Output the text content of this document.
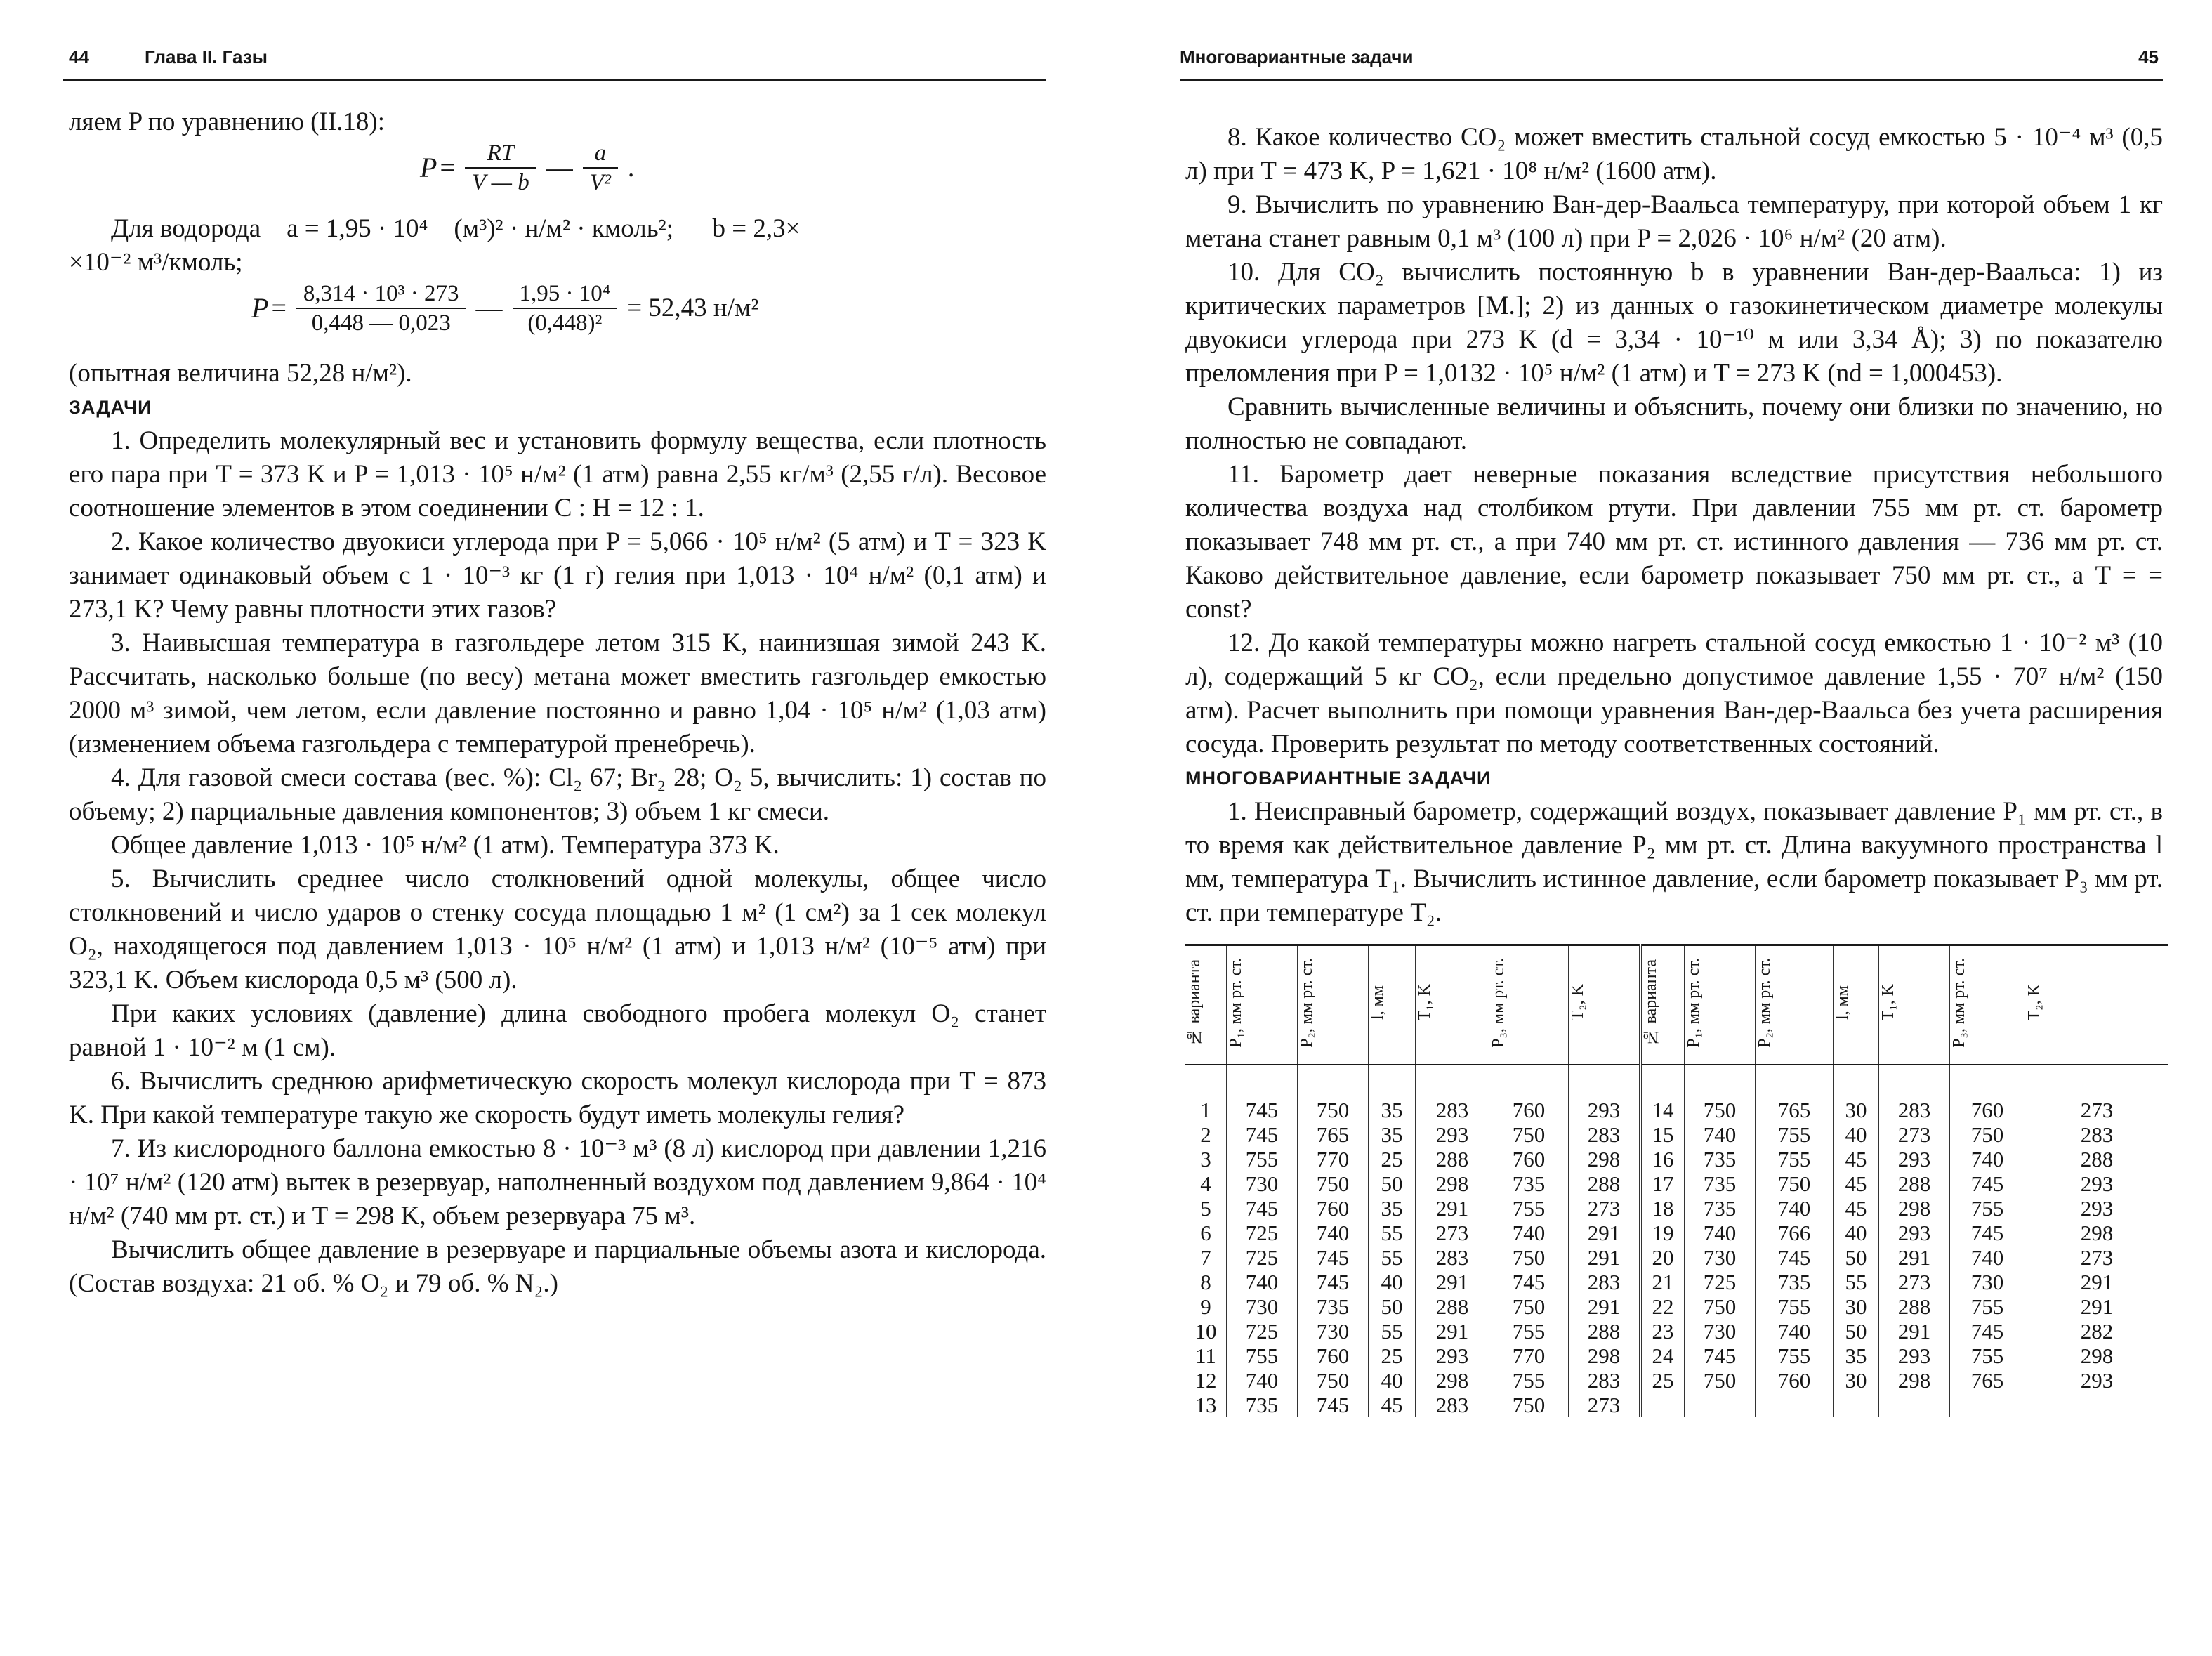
44	Глава II. Газы

ляем P по уравнению (II.18):

$P = \frac{RT}{V — b}$ — $\frac{a}{\text{V²}}$ .

Для водорода    a = 1,95 · 10⁴    (м³)² · н/м² · кмоль²;      b = 2,3×

×10⁻² м³/кмоль;

$P = \frac{\text{8,314 · 10³ · 273}}{0,448 — 0,023}$ — $\frac{\text{1,95 · 10⁴}}{\text{(0,448)²}} = 52,43$ н/м²

(опытная величина 52,28 н/м²).

ЗАДАЧИ

1. Определить молекулярный вес и установить формулу вещества, если плотность его пара при T = 373 K и P = 1,013 · 10⁵ н/м² (1 атм) равна 2,55 кг/м³ (2,55 г/л). Весовое соотношение элементов в этом соединении C : H = 12 : 1.

2. Какое количество двуокиси углерода при P = 5,066 · 10⁵ н/м² (5 атм) и T = 323 K занимает одинаковый объем с 1 · 10⁻³ кг (1 г) гелия при 1,013 · 10⁴ н/м² (0,1 атм) и 273,1 K? Чему равны плотности этих газов?

3. Наивысшая температура в газгольдере летом 315 K, наинизшая зимой 243 K. Рассчитать, насколько больше (по весу) метана может вместить газгольдер емкостью 2000 м³ зимой, чем летом, если давление постоянно и равно 1,04 · 10⁵ н/м² (1,03 атм) (изменением объема газгольдера с температурой пренебречь).

4. Для газовой смеси состава (вес. %): Cl₂ 67; Br₂ 28; O₂ 5, вычислить: 1) состав по объему; 2) парциальные давления компонентов; 3) объем 1 кг смеси.

Общее давление 1,013 · 10⁵ н/м² (1 атм). Температура 373 K.

5. Вычислить среднее число столкновений одной молекулы, общее число столкновений и число ударов о стенку сосуда площадью 1 м² (1 см²) за 1 сек молекул O₂, находящегося под давлением 1,013 · 10⁵ н/м² (1 атм) и 1,013 н/м² (10⁻⁵ атм) при 323,1 K. Объем кислорода 0,5 м³ (500 л).

При каких условиях (давление) длина свободного пробега молекул O₂ станет равной 1 · 10⁻² м (1 см).

6. Вычислить среднюю арифметическую скорость молекул кислорода при T = 873 K. При какой температуре такую же скорость будут иметь молекулы гелия?

7. Из кислородного баллона емкостью 8 · 10⁻³ м³ (8 л) кислород при давлении 1,216 · 10⁷ н/м² (120 атм) вытек в резервуар, наполненный воздухом под давлением 9,864 · 10⁴ н/м² (740 мм рт. ст.) и T = 298 K, объем резервуара 75 м³.

Вычислить общее давление в резервуаре и парциальные объемы азота и кислорода. (Состав воздуха: 21 об. % O₂ и 79 об. % N₂.)

Многовариантные задачи	45

8. Какое количество CO₂ может вместить стальной сосуд емкостью 5 · 10⁻⁴ м³ (0,5 л) при T = 473 K, P = 1,621 · 10⁸ н/м² (1600 атм).

9. Вычислить по уравнению Ван-дер-Ваальса температуру, при которой объем 1 кг метана станет равным 0,1 м³ (100 л) при P = 2,026 · 10⁶ н/м² (20 атм).

10. Для CO₂ вычислить постоянную b в уравнении Ван-дер-Ваальса: 1) из критических параметров [М.]; 2) из данных о газокинетическом диаметре молекулы двуокиси углерода при 273 K (d = 3,34 · 10⁻¹⁰ м или 3,34 Å); 3) по показателю преломления при P = 1,0132 · 10⁵ н/м² (1 атм) и T = 273 K (nd = 1,000453).

Сравнить вычисленные величины и объяснить, почему они близки по значению, но полностью не совпадают.

11. Барометр дает неверные показания вследствие присутствия небольшого количества воздуха над столбиком ртути. При давлении 755 мм рт. ст. барометр показывает 748 мм рт. ст., а при 740 мм рт. ст. истинного давления — 736 мм рт. ст. Каково действительное давление, если барометр показывает 750 мм рт. ст., а T = = const?

12. До какой температуры можно нагреть стальной сосуд емкостью 1 · 10⁻² м³ (10 л), содержащий 5 кг CO₂, если предельно допустимое давление 1,55 · 70⁷ н/м² (150 атм). Расчет выполнить при помощи уравнения Ван-дер-Ваальса без учета расширения сосуда. Проверить результат по методу соответственных состояний.

МНОГОВАРИАНТНЫЕ ЗАДАЧИ

1. Неисправный барометр, содержащий воздух, показывает давление P₁ мм рт. ст., в то время как действительное давление P₂ мм рт. ст. Длина вакуумного пространства l мм, температура T₁. Вычислить истинное давление, если барометр показывает P₃ мм рт. ст. при температуре T₂.

№ варианта	P₁, мм рт. ст.	P₂, мм рт. ст.	l, мм	T₁, K	P₃, мм рт. ст.	T₂, K	№ варианта	P₁, мм рт. ст.	P₂, мм рт. ст.	l, мм	T₁, K	P₃, мм рт. ст.	T₂, K

1	745	750	35	283	760	293	14	750	765	30	283	760	273
2	745	765	35	293	750	283	15	740	755	40	273	750	283
3	755	770	25	288	760	298	16	735	755	45	293	740	288
4	730	750	50	298	735	288	17	735	750	45	288	745	293
5	745	760	35	291	755	273	18	735	740	45	298	755	293
6	725	740	55	273	740	291	19	740	766	40	293	745	298
7	725	745	55	283	750	291	20	730	745	50	291	740	273
8	740	745	40	291	745	283	21	725	735	55	273	730	291
9	730	735	50	288	750	291	22	750	755	30	288	755	291
10	725	730	55	291	755	288	23	730	740	50	291	745	282
11	755	760	25	293	770	298	24	745	755	35	293	755	298
12	740	750	40	298	755	283	25	750	760	30	298	765	293
13	735	745	45	283	750	273							
